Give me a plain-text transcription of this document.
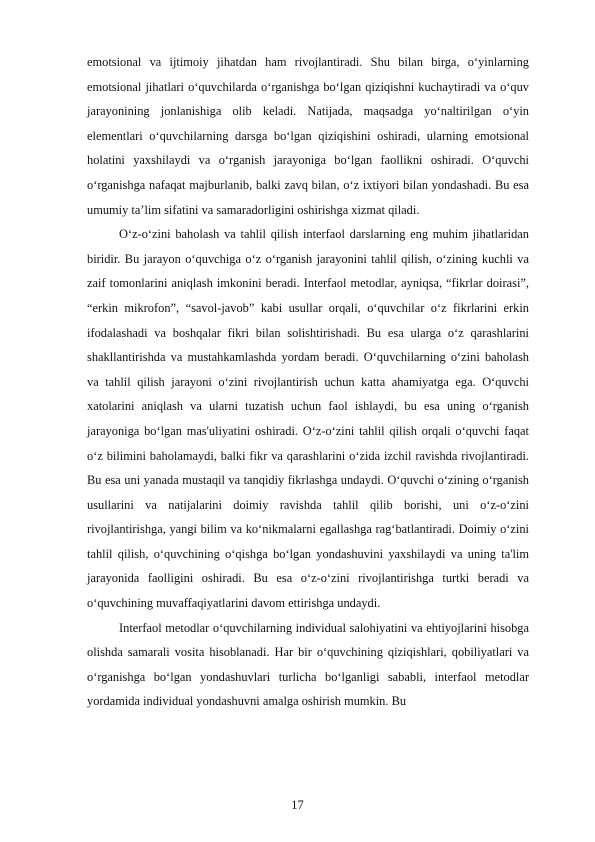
emotsional va ijtimoiy jihatdan ham rivojlantiradi. Shu bilan birga, o‘yinlarning emotsional jihatlari o‘quvchilarda o‘rganishga bo‘lgan qiziqishni kuchaytiradi va o‘quv jarayonining jonlanishiga olib keladi. Natijada, maqsadga yo‘naltirilgan o‘yin elementlari o‘quvchilarning darsga bo‘lgan qiziqishini oshiradi, ularning emotsional holatini yaxshilaydi va o‘rganish jarayoniga bo‘lgan faollikni oshiradi. O‘quvchi o‘rganishga nafaqat majburlanib, balki zavq bilan, o‘z ixtiyori bilan yondashadi. Bu esa umumiy ta’lim sifatini va samaradorligini oshirishga xizmat qiladi.

O‘z-o‘zini baholash va tahlil qilish interfaol darslarning eng muhim jihatlaridan biridir. Bu jarayon o‘quvchiga o‘z o‘rganish jarayonini tahlil qilish, o‘zining kuchli va zaif tomonlarini aniqlash imkonini beradi. Interfaol metodlar, ayniqsa, “fikrlar doirasi”, “erkin mikrofon”, “savol-javob” kabi usullar orqali, o‘quvchilar o‘z fikrlarini erkin ifodalashadi va boshqalar fikri bilan solishtirishadi. Bu esa ularga o‘z qarashlarini shakllantirishda va mustahkamlashda yordam beradi. O‘quvchilarning o‘zini baholash va tahlil qilish jarayoni o‘zini rivojlantirish uchun katta ahamiyatga ega. O‘quvchi xatolarini aniqlash va ularni tuzatish uchun faol ishlaydi, bu esa uning o‘rganish jarayoniga bo‘lgan mas'uliyatini oshiradi. O‘z-o‘zini tahlil qilish orqali o‘quvchi faqat o‘z bilimini baholamaydi, balki fikr va qarashlarini o‘zida izchil ravishda rivojlantiradi. Bu esa uni yanada mustaqil va tanqidiy fikrlashga undaydi. O‘quvchi o‘zining o‘rganish usullarini va natijalarini doimiy ravishda tahlil qilib borishi, uni o‘z-o‘zini rivojlantirishga, yangi bilim va ko‘nikmalarni egallashga rag‘batlantiradi. Doimiy o‘zini tahlil qilish, o‘quvchining o‘qishga bo‘lgan yondashuvini yaxshilaydi va uning ta'lim jarayonida faolligini oshiradi. Bu esa o‘z-o‘zini rivojlantirishga turtki beradi va o‘quvchining muvaffaqiyatlarini davom ettirishga undaydi.

Interfaol metodlar o‘quvchilarning individual salohiyatini va ehtiyojlarini hisobga olishda samarali vosita hisoblanadi. Har bir o‘quvchining qiziqishlari, qobiliyatlari va o‘rganishga bo‘lgan yondashuvlari turlicha bo‘lganligi sababli, interfaol metodlar yordamida individual yondashuvni amalga oshirish mumkin. Bu

17
